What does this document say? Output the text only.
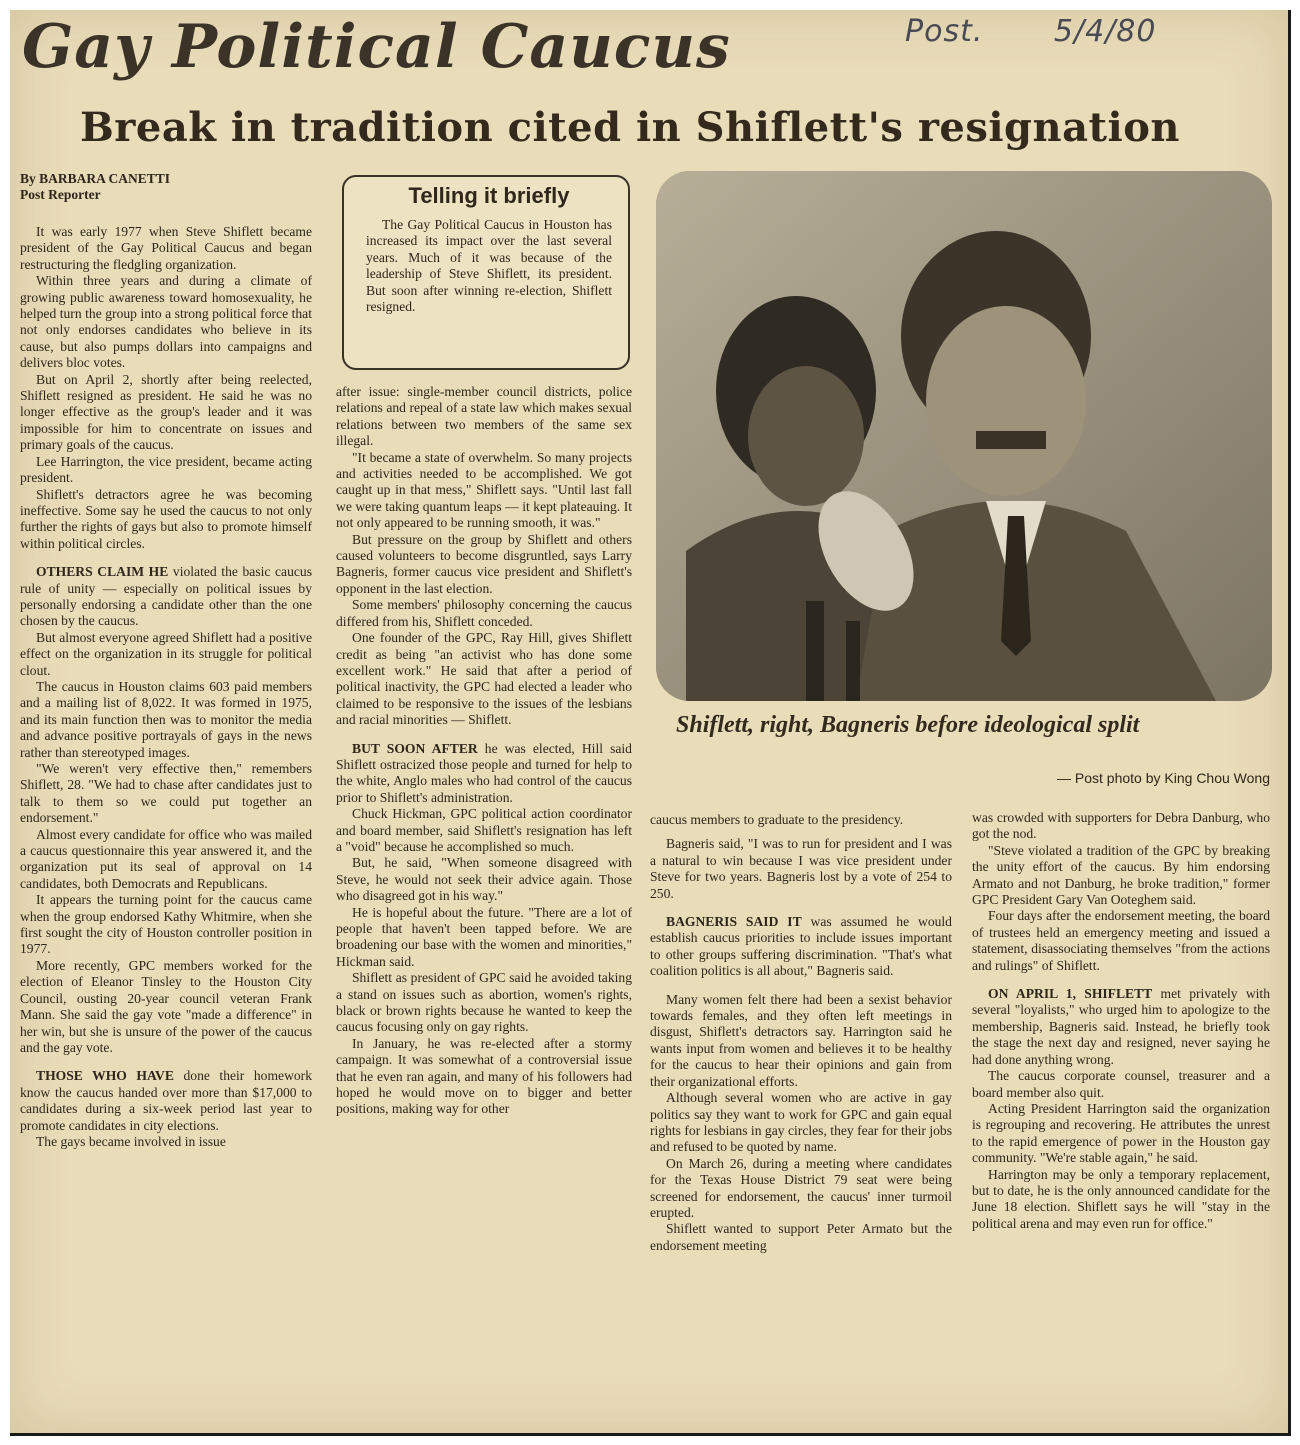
Post. 5/4/80
Gay Political Caucus
Break in tradition cited in Shiflett's resignation
By BARBARA CANETTI
Post Reporter

It was early 1977 when Steve Shiflett became president of the Gay Political Caucus and began restructuring the fledgling organization.

Within three years and during a climate of growing public awareness toward homosexuality, he helped turn the group into a strong political force that not only endorses candidates who believe in its cause, but also pumps dollars into campaigns and delivers bloc votes.

But on April 2, shortly after being reelected, Shiflett resigned as president. He said he was no longer effective as the group's leader and it was impossible for him to concentrate on issues and primary goals of the caucus.

Lee Harrington, the vice president, became acting president.

Shiflett's detractors agree he was becoming ineffective. Some say he used the caucus to not only further the rights of gays but also to promote himself within political circles.

OTHERS CLAIM HE violated the basic caucus rule of unity — especially on political issues by personally endorsing a candidate other than the one chosen by the caucus.

But almost everyone agreed Shiflett had a positive effect on the organization in its struggle for political clout.

The caucus in Houston claims 603 paid members and a mailing list of 8,022. It was formed in 1975, and its main function then was to monitor the media and advance positive portrayals of gays in the news rather than stereotyped images.

"We weren't very effective then," remembers Shiflett, 28. "We had to chase after candidates just to talk to them so we could put together an endorsement."

Almost every candidate for office who was mailed a caucus questionnaire this year answered it, and the organization put its seal of approval on 14 candidates, both Democrats and Republicans.

It appears the turning point for the caucus came when the group endorsed Kathy Whitmire, when she first sought the city of Houston controller position in 1977.

More recently, GPC members worked for the election of Eleanor Tinsley to the Houston City Council, ousting 20-year council veteran Frank Mann. She said the gay vote "made a difference" in her win, but she is unsure of the power of the caucus and the gay vote.

THOSE WHO HAVE done their homework know the caucus handed over more than $17,000 to candidates during a six-week period last year to promote candidates in city elections.

The gays became involved in issue

Telling it briefly

The Gay Political Caucus in Houston has increased its impact over the last several years. Much of it was because of the leadership of Steve Shiflett, its president. But soon after winning re-election, Shiflett resigned.

after issue: single-member council districts, police relations and repeal of a state law which makes sexual relations between two members of the same sex illegal.

"It became a state of overwhelm. So many projects and activities needed to be accomplished. We got caught up in that mess," Shiflett says. "Until last fall we were taking quantum leaps — it kept plateauing. It not only appeared to be running smooth, it was."

But pressure on the group by Shiflett and others caused volunteers to become disgruntled, says Larry Bagneris, former caucus vice president and Shiflett's opponent in the last election.

Some members' philosophy concerning the caucus differed from his, Shiflett conceded.

One founder of the GPC, Ray Hill, gives Shiflett credit as being "an activist who has done some excellent work." He said that after a period of political inactivity, the GPC had elected a leader who claimed to be responsive to the issues of the lesbians and racial minorities — Shiflett.

BUT SOON AFTER he was elected, Hill said Shiflett ostracized those people and turned for help to the white, Anglo males who had control of the caucus prior to Shiflett's administration.

Chuck Hickman, GPC political action coordinator and board member, said Shiflett's resignation has left a "void" because he accomplished so much.

But, he said, "When someone disagreed with Steve, he would not seek their advice again. Those who disagreed got in his way."

He is hopeful about the future. "There are a lot of people that haven't been tapped before. We are broadening our base with the women and minorities," Hickman said.

Shiflett as president of GPC said he avoided taking a stand on issues such as abortion, women's rights, black or brown rights because he wanted to keep the caucus focusing only on gay rights.

In January, he was re-elected after a stormy campaign. It was somewhat of a controversial issue that he even ran again, and many of his followers had hoped he would move on to bigger and better positions, making way for other

Shiflett, right, Bagneris before ideological split

— Post photo by King Chou Wong

caucus members to graduate to the presidency.

Bagneris said, "I was to run for president and I was a natural to win because I was vice president under Steve for two years. Bagneris lost by a vote of 254 to 250.

BAGNERIS SAID IT was assumed he would establish caucus priorities to include issues important to other groups suffering discrimination. "That's what coalition politics is all about," Bagneris said.

Many women felt there had been a sexist behavior towards females, and they often left meetings in disgust, Shiflett's detractors say. Harrington said he wants input from women and believes it to be healthy for the caucus to hear their opinions and gain from their organizational efforts.

Although several women who are active in gay politics say they want to work for GPC and gain equal rights for lesbians in gay circles, they fear for their jobs and refused to be quoted by name.

On March 26, during a meeting where candidates for the Texas House District 79 seat were being screened for endorsement, the caucus' inner turmoil erupted.

Shiflett wanted to support Peter Armato but the endorsement meeting

was crowded with supporters for Debra Danburg, who got the nod.

"Steve violated a tradition of the GPC by breaking the unity effort of the caucus. By him endorsing Armato and not Danburg, he broke tradition," former GPC President Gary Van Ooteghem said.

Four days after the endorsement meeting, the board of trustees held an emergency meeting and issued a statement, disassociating themselves "from the actions and rulings" of Shiflett.

ON APRIL 1, SHIFLETT met privately with several "loyalists," who urged him to apologize to the membership, Bagneris said. Instead, he briefly took the stage the next day and resigned, never saying he had done anything wrong.

The caucus corporate counsel, treasurer and a board member also quit.

Acting President Harrington said the organization is regrouping and recovering. He attributes the unrest to the rapid emergence of power in the Houston gay community. "We're stable again," he said.

Harrington may be only a temporary replacement, but to date, he is the only announced candidate for the June 18 election. Shiflett says he will "stay in the political arena and may even run for office."
